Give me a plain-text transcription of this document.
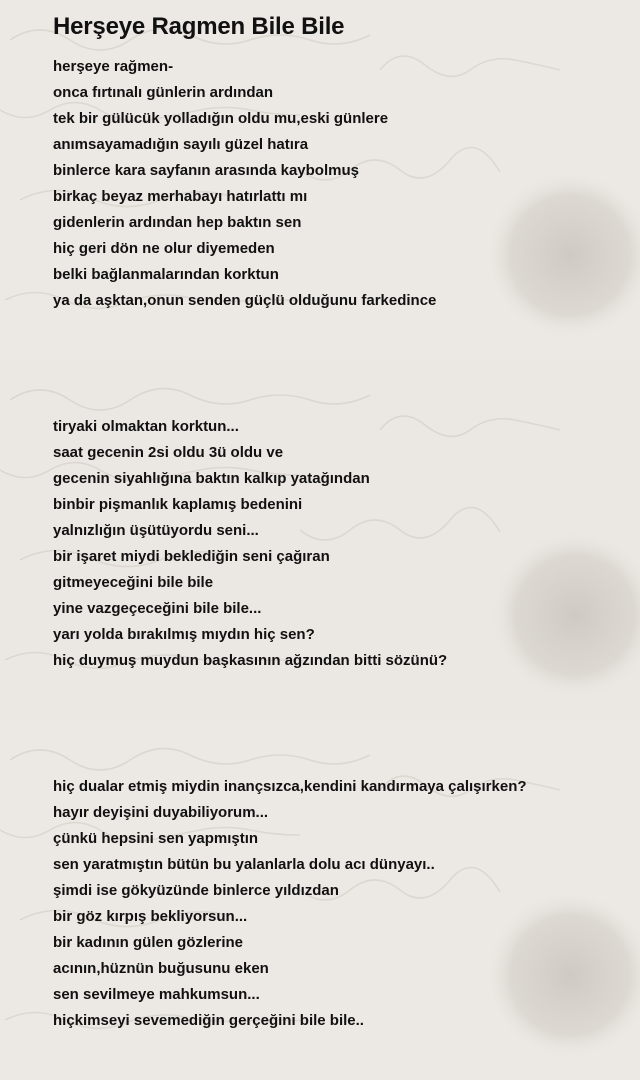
Herşeye Ragmen Bile Bile
herşeye rağmen-
onca fırtınalı günlerin ardından
tek bir gülücük yolladığın oldu mu,eski günlere
anımsayamadığın sayılı güzel hatıra
binlerce kara sayfanın arasında kaybolmuş
birkaç beyaz merhabayı hatırlattı mı
gidenlerin ardından hep baktın sen
hiç geri dön ne olur diyemeden
belki bağlanmalarından korktun
ya da aşktan,onun senden güçlü olduğunu farkedince
tiryaki olmaktan korktun...
saat gecenin 2si oldu 3ü oldu ve
gecenin siyahlığına baktın kalkıp yatağından
binbir pişmanlık kaplamış bedenini
yalnızlığın üşütüyordu seni...
bir işaret miydi beklediğin seni çağıran
gitmeyeceğini bile bile
yine vazgeçeceğini bile bile...
yarı yolda bırakılmış mıydın hiç sen?
hiç duymuş muydun başkasının ağzından bitti sözünü?
hiç dualar etmiş miydin inançsızca,kendini kandırmaya çalışırken?
hayır deyişini duyabiliyorum...
çünkü hepsini sen yapmıştın
sen yaratmıştın bütün bu yalanlarla dolu acı dünyayı..
şimdi ise gökyüzünde binlerce yıldızdan
bir göz kırpış bekliyorsun...
bir kadının gülen gözlerine
acının,hüznün buğusunu eken
sen sevilmeye mahkumsun...
hiçkimseyi sevemediğin gerçeğini bile bile..
